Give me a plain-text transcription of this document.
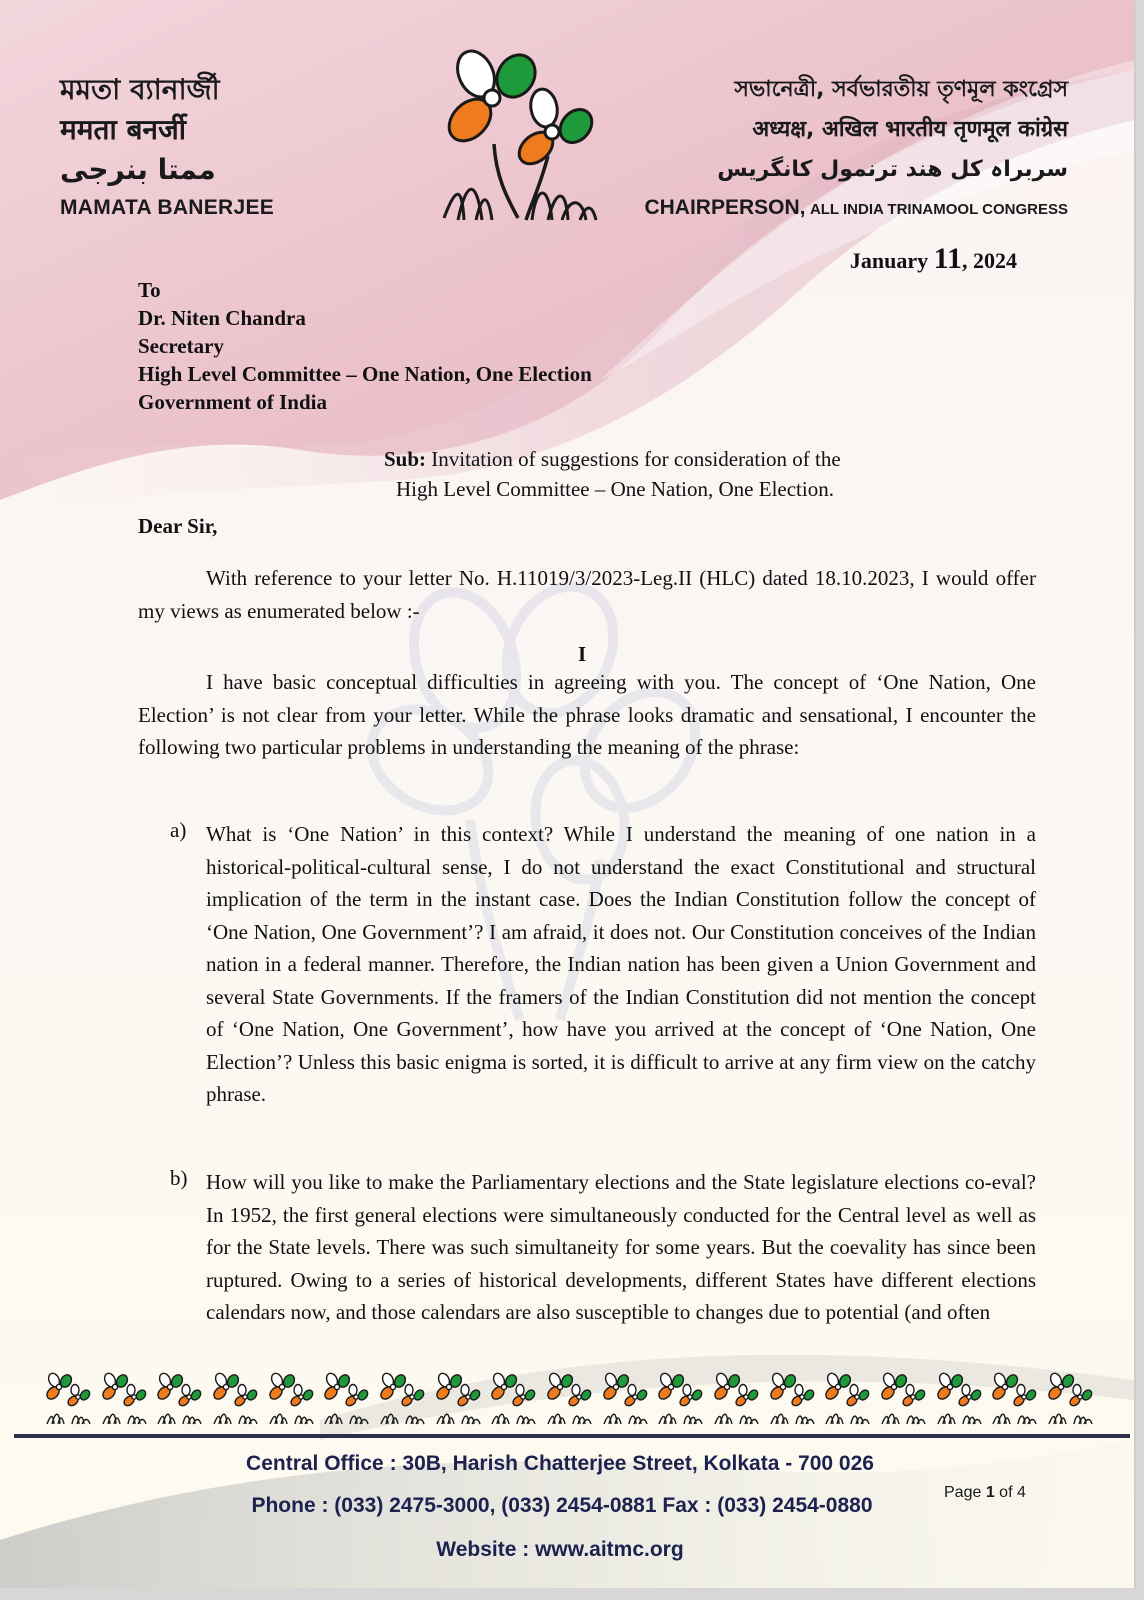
মমতা ব্যানার্জী
ममता बनर्जी
ممتا بنرجی
MAMATA BANERJEE
সভানেত্রী, সর্বভারতীয় তৃণমূল কংগ্রেস
अध्यक्ष, अखिल भारतीय तृणमूल कांग्रेस
سربراہ کل ھند ترنمول کانگریس
CHAIRPERSON, ALL INDIA TRINAMOOL CONGRESS
January 11, 2024
To
Dr. Niten Chandra
Secretary
High Level Committee – One Nation, One Election
Government of India
Sub: Invitation of suggestions for consideration of the
High Level Committee – One Nation, One Election.
Dear Sir,
With reference to your letter No. H.11019/3/2023-Leg.II (HLC) dated 18.10.2023, I would offer my views as enumerated below :-
I
I have basic conceptual difficulties in agreeing with you. The concept of ‘One Nation, One Election’ is not clear from your letter. While the phrase looks dramatic and sensational, I encounter the following two particular problems in understanding the meaning of the phrase:
a) What is ‘One Nation’ in this context? While I understand the meaning of one nation in a historical-political-cultural sense, I do not understand the exact Constitutional and structural implication of the term in the instant case. Does the Indian Constitution follow the concept of ‘One Nation, One Government’? I am afraid, it does not. Our Constitution conceives of the Indian nation in a federal manner. Therefore, the Indian nation has been given a Union Government and several State Governments. If the framers of the Indian Constitution did not mention the concept of ‘One Nation, One Government’, how have you arrived at the concept of ‘One Nation, One Election’? Unless this basic enigma is sorted, it is difficult to arrive at any firm view on the catchy phrase.
b) How will you like to make the Parliamentary elections and the State legislature elections co-eval? In 1952, the first general elections were simultaneously conducted for the Central level as well as for the State levels. There was such simultaneity for some years. But the coevality has since been ruptured. Owing to a series of historical developments, different States have different elections calendars now, and those calendars are also susceptible to changes due to potential (and often
Central Office : 30B, Harish Chatterjee Street, Kolkata - 700 026
Phone : (033) 2475-3000, (033) 2454-0881 Fax : (033) 2454-0880
Website : www.aitmc.org
Page 1 of 4
